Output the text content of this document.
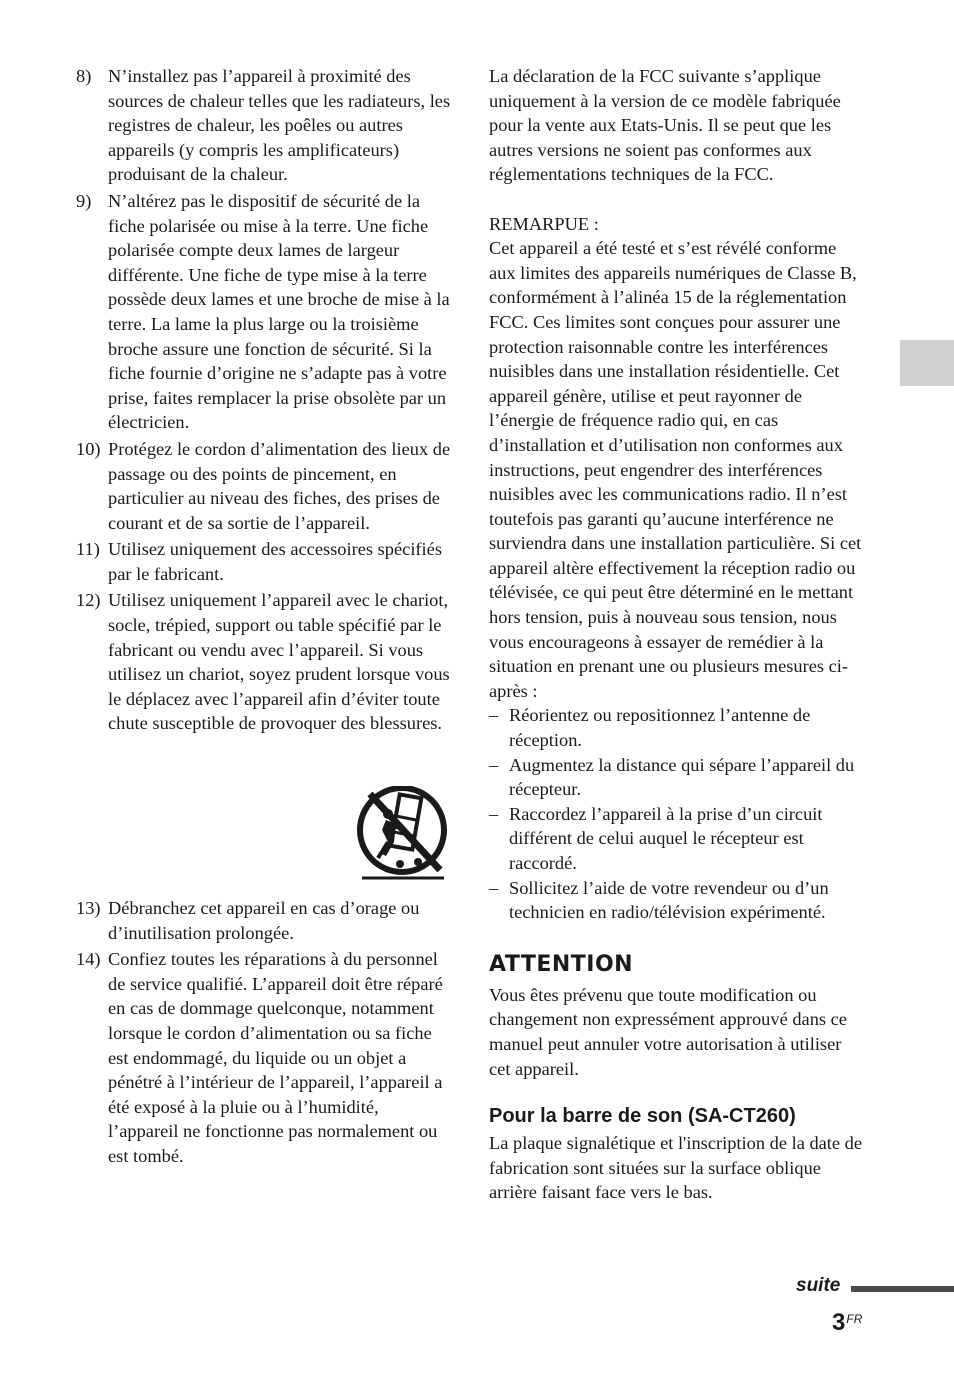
8) N’installez pas l’appareil à proximité des sources de chaleur telles que les radiateurs, les registres de chaleur, les poêles ou autres appareils (y compris les amplificateurs) produisant de la chaleur.
9) N’altérez pas le dispositif de sécurité de la fiche polarisée ou mise à la terre. Une fiche polarisée compte deux lames de largeur différente. Une fiche de type mise à la terre possède deux lames et une broche de mise à la terre. La lame la plus large ou la troisième broche assure une fonction de sécurité. Si la fiche fournie d’origine ne s’adapte pas à votre prise, faites remplacer la prise obsolète par un électricien.
10) Protégez le cordon d’alimentation des lieux de passage ou des points de pincement, en particulier au niveau des fiches, des prises de courant et de sa sortie de l’appareil.
11) Utilisez uniquement des accessoires spécifiés par le fabricant.
12) Utilisez uniquement l’appareil avec le chariot, socle, trépied, support ou table spécifié par le fabricant ou vendu avec l’appareil. Si vous utilisez un chariot, soyez prudent lorsque vous le déplacez avec l’appareil afin d’éviter toute chute susceptible de provoquer des blessures.
13) Débranchez cet appareil en cas d’orage ou d’inutilisation prolongée.
14) Confiez toutes les réparations à du personnel de service qualifié. L’appareil doit être réparé en cas de dommage quelconque, notamment lorsque le cordon d’alimentation ou sa fiche est endommagé, du liquide ou un objet a pénétré à l’intérieur de l’appareil, l’appareil a été exposé à la pluie ou à l’humidité, l’appareil ne fonctionne pas normalement ou est tombé.

La déclaration de la FCC suivante s’applique uniquement à la version de ce modèle fabriquée pour la vente aux Etats-Unis. Il se peut que les autres versions ne soient pas conformes aux réglementations techniques de la FCC.

REMARPUE :

Cet appareil a été testé et s’est révélé conforme aux limites des appareils numériques de Classe B, conformément à l’alinéa 15 de la réglementation FCC. Ces limites sont conçues pour assurer une protection raisonnable contre les interférences nuisibles dans une installation résidentielle. Cet appareil génère, utilise et peut rayonner de l’énergie de fréquence radio qui, en cas d’installation et d’utilisation non conformes aux instructions, peut engendrer des interférences nuisibles avec les communications radio. Il n’est toutefois pas garanti qu’aucune interférence ne surviendra dans une installation particulière. Si cet appareil altère effectivement la réception radio ou télévisée, ce qui peut être déterminé en le mettant hors tension, puis à nouveau sous tension, nous vous encourageons à essayer de remédier à la situation en prenant une ou plusieurs mesures ci-après :

– Réorientez ou repositionnez l’antenne de réception.
– Augmentez la distance qui sépare l’appareil du récepteur.
– Raccordez l’appareil à la prise d’un circuit différent de celui auquel le récepteur est raccordé.
– Sollicitez l’aide de votre revendeur ou d’un technicien en radio/télévision expérimenté.
ATTENTION

Vous êtes prévenu que toute modification ou changement non expressément approuvé dans ce manuel peut annuler votre autorisation à utiliser cet appareil.

Pour la barre de son (SA-CT260)

La plaque signalétique et l'inscription de la date de fabrication sont situées sur la surface oblique arrière faisant face vers le bas.

suite
$3^{FR}$
